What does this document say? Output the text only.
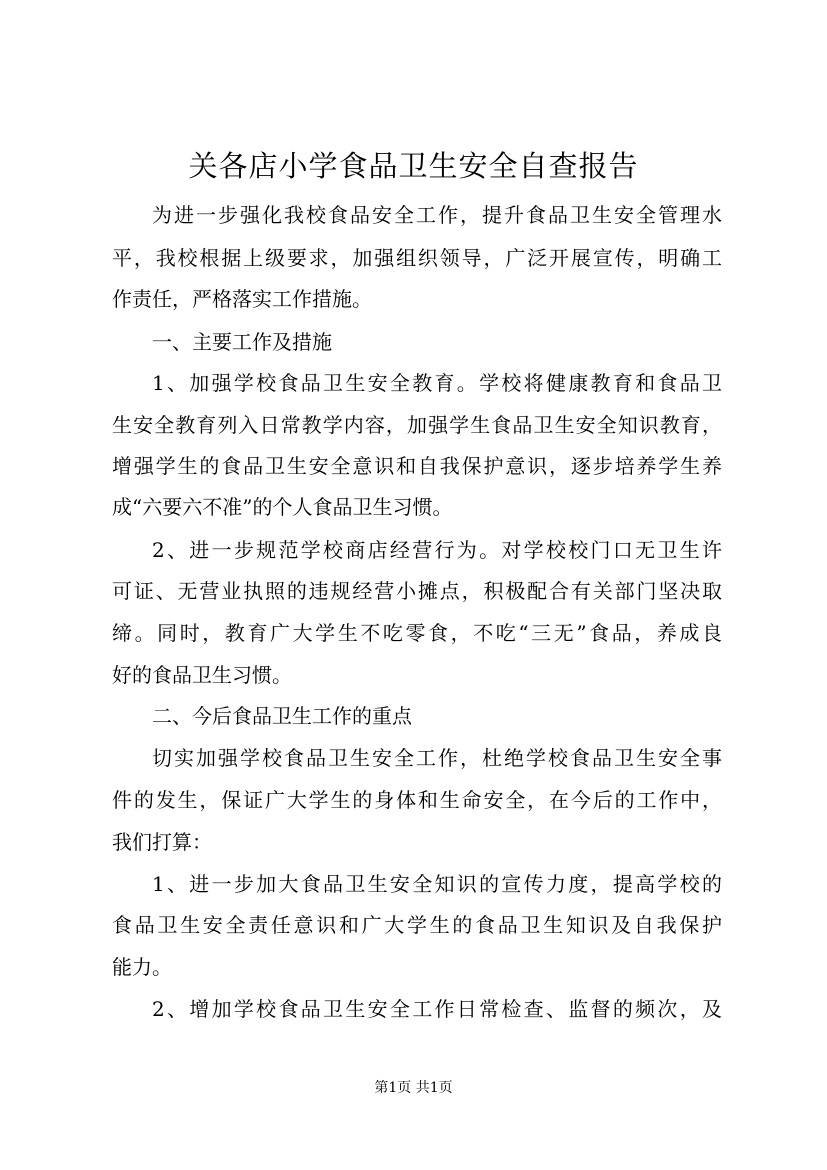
关各店小学食品卫生安全自查报告
为进一步强化我校食品安全工作，提升食品卫生安全管理水
平，我校根据上级要求，加强组织领导，广泛开展宣传，明确工
作责任，严格落实工作措施。
一、主要工作及措施
1、加强学校食品卫生安全教育。学校将健康教育和食品卫
生安全教育列入日常教学内容，加强学生食品卫生安全知识教育，
增强学生的食品卫生安全意识和自我保护意识，逐步培养学生养
成“六要六不准”的个人食品卫生习惯。
2、进一步规范学校商店经营行为。对学校校门口无卫生许
可证、无营业执照的违规经营小摊点，积极配合有关部门坚决取
缔。同时，教育广大学生不吃零食，不吃“三无”食品，养成良
好的食品卫生习惯。
二、今后食品卫生工作的重点
切实加强学校食品卫生安全工作，杜绝学校食品卫生安全事
件的发生，保证广大学生的身体和生命安全，在今后的工作中，
我们打算：
1、进一步加大食品卫生安全知识的宣传力度，提高学校的
食品卫生安全责任意识和广大学生的食品卫生知识及自我保护
能力。
2、增加学校食品卫生安全工作日常检查、监督的频次，及
第1页 共1页
